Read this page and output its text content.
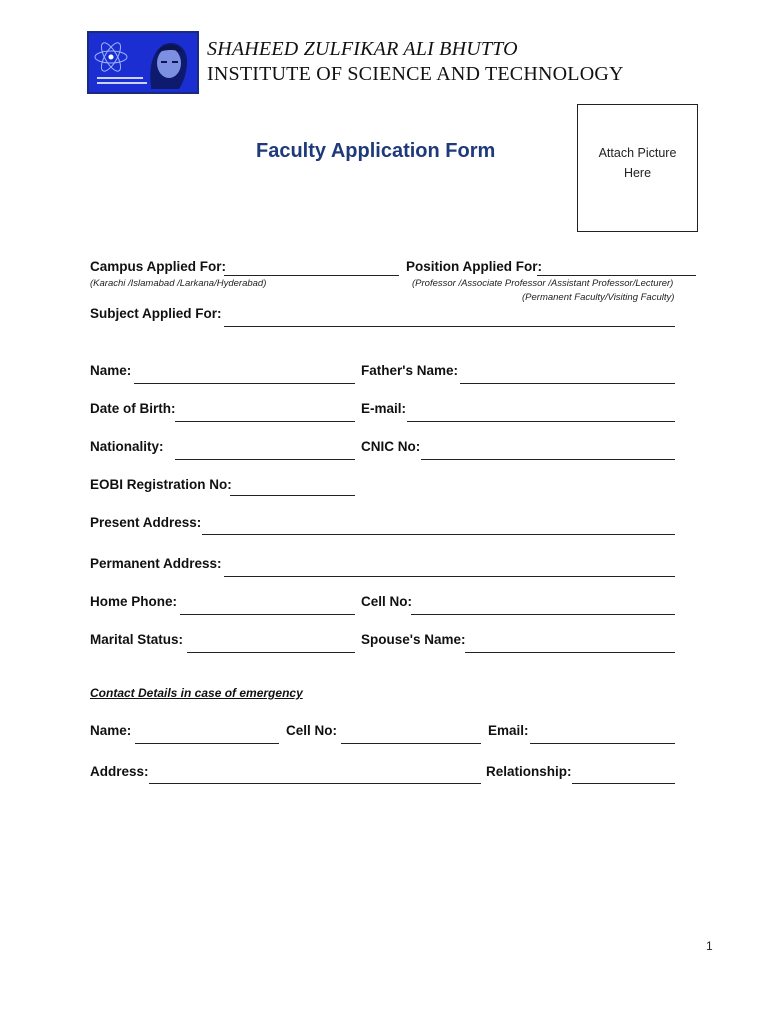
SHAHEED ZULFIKAR ALI BHUTTO
INSTITUTE OF SCIENCE AND TECHNOLOGY
Faculty Application Form	Attach Picture
Here
Campus Applied For:
(Karachi /Islamabad /Larkana/Hyderabad)
Position Applied For:
(Professor /Associate Professor /Assistant Professor/Lecturer)
(Permanent Faculty/Visiting Faculty)
Subject Applied For:
Name:	Father's Name:
Date of Birth:	E-mail:
Nationality:	CNIC No:
EOBI Registration No:
Present Address:
Permanent Address:
Home Phone:	Cell No:
Marital Status:	Spouse's Name:
Contact Details in case of emergency
Name:	Cell No:	Email:
Address:	Relationship:
1
